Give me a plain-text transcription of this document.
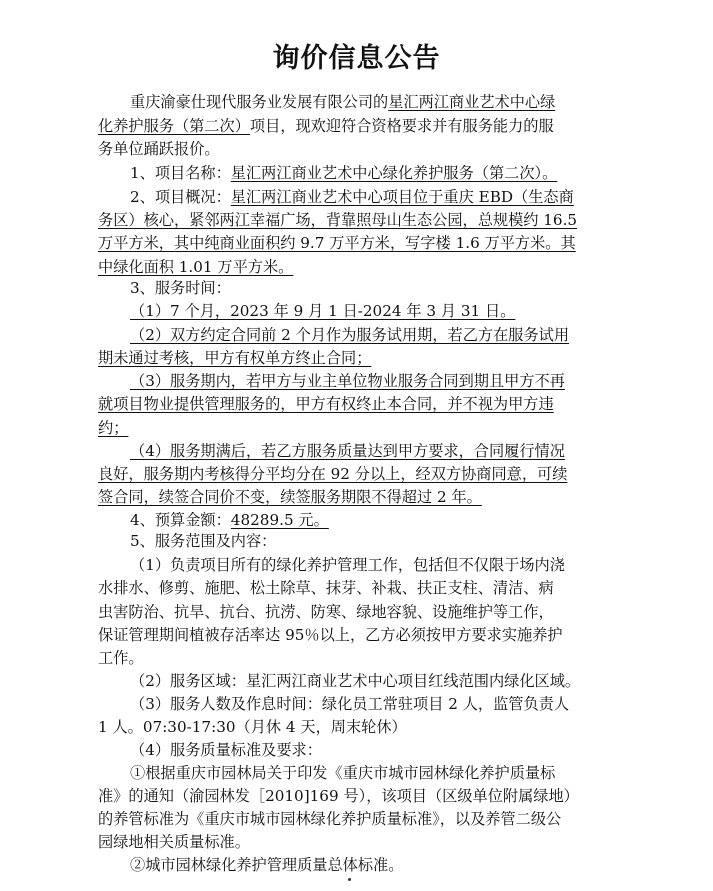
询价信息公告
重庆渝豪仕现代服务业发展有限公司的星汇两江商业艺术中心绿
化养护服务（第二次）项目，现欢迎符合资格要求并有服务能力的服
务单位踊跃报价。
1、项目名称：星汇两江商业艺术中心绿化养护服务（第二次）。
2、项目概况：星汇两江商业艺术中心项目位于重庆 EBD（生态商
务区）核心，紧邻两江幸福广场，背靠照母山生态公园，总规模约 16.5
万平方米，其中纯商业面积约 9.7 万平方米，写字楼 1.6 万平方米。其
中绿化面积 1.01 万平方米。
3、服务时间：
（1）7 个月，2023 年 9 月 1 日-2024 年 3 月 31 日。
（2）双方约定合同前 2 个月作为服务试用期，若乙方在服务试用
期未通过考核，甲方有权单方终止合同；
（3）服务期内，若甲方与业主单位物业服务合同到期且甲方不再
就项目物业提供管理服务的，甲方有权终止本合同，并不视为甲方违
约；
（4）服务期满后，若乙方服务质量达到甲方要求，合同履行情况
良好，服务期内考核得分平均分在 92 分以上，经双方协商同意，可续
签合同，续签合同价不变，续签服务期限不得超过 2 年。
4、预算金额：48289.5 元。
5、服务范围及内容：
（1）负责项目所有的绿化养护管理工作，包括但不仅限于场内浇
水排水、修剪、施肥、松土除草、抹芽、补栽、扶正支柱、清洁、病
虫害防治、抗旱、抗台、抗涝、防寒、绿地容貌、设施维护等工作，
保证管理期间植被存活率达 95％以上，乙方必须按甲方要求实施养护
工作。
（2）服务区域：星汇两江商业艺术中心项目红线范围内绿化区域。
（3）服务人数及作息时间：绿化员工常驻项目 2 人，监管负责人
1 人。07:30-17:30（月休 4 天，周末轮休）
（4）服务质量标准及要求：
①根据重庆市园林局关于印发《重庆市城市园林绿化养护质量标
准》的通知（渝园林发［2010]169 号），该项目（区级单位附属绿地）
的养管标准为《重庆市城市园林绿化养护质量标准》，以及养管二级公
园绿地相关质量标准。
②城市园林绿化养护管理质量总体标准。
